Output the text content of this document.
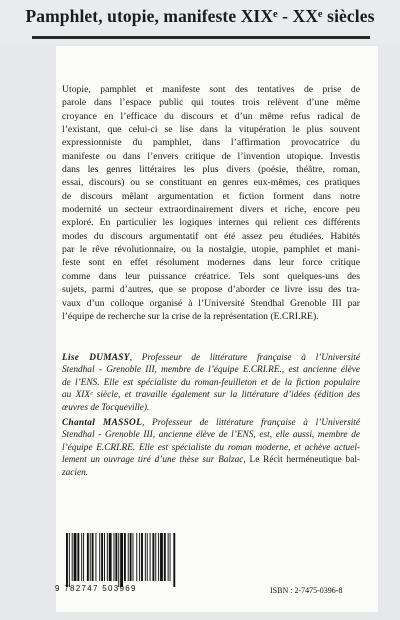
Pamphlet, utopie, manifeste XIXᵉ - XXᵉ siècles

Utopie, pamphlet et manifeste sont des tentatives de prise de
parole dans l’espace public qui toutes trois relèvent d’une même
croyance en l’efficace du discours et d’un même refus radical de
l’existant, que celui-ci se lise dans la vitupération le plus souvent
expressionniste du pamphlet, dans l’affirmation provocatrice du
manifeste ou dans l’envers critique de l’invention utopique. Investis
dans les genres littéraires les plus divers (poésie, théâtre, roman,
essai, discours) ou se constituant en genres eux-mêmes, ces pratiques
de discours mêlant argumentation et fiction forment dans notre
modernité un secteur extraordinairement divers et riche, encore peu
exploré. En particulier les logiques internes qui relient ces différents
modes du discours argumentatif ont été assez peu étudiées. Habités
par le rêve révolutionnaire, ou la nostalgie, utopie, pamphlet et mani-
feste sont en effet résolument modernes dans leur force critique
comme dans leur puissance créatrice. Tels sont quelques-uns des
sujets, parmi d’autres, que se propose d’aborder ce livre issu des tra-
vaux d’un colloque organisé à l’Université Stendhal Grenoble III par
l’équipe de recherche sur la crise de la représentation (E.CRI.RE).

Lise DUMASY, Professeur de littérature française à l’Université
Stendhal - Grenoble III, membre de l’équipe E.CRI.RE., est ancienne élève
de l’ENS. Elle est spécialiste du roman-feuilleton et de la fiction populaire
au XIXᵉ siècle, et travaille également sur la littérature d’idées (édition des
œuvres de Tocqueville).

Chantal MASSOL, Professeur de littérature française à l’Université
Stendhal - Grenoble III, ancienne élève de l’ENS, est, elle aussi, membre de
l’équipe E.CRI.RE. Elle est spécialiste du roman moderne, et achève actuel-
lement un ouvrage tiré d’une thèse sur Balzac, Le Récit herméneutique bal-
zacien.

9 782747 503969	ISBN : 2-7475-0396-8
